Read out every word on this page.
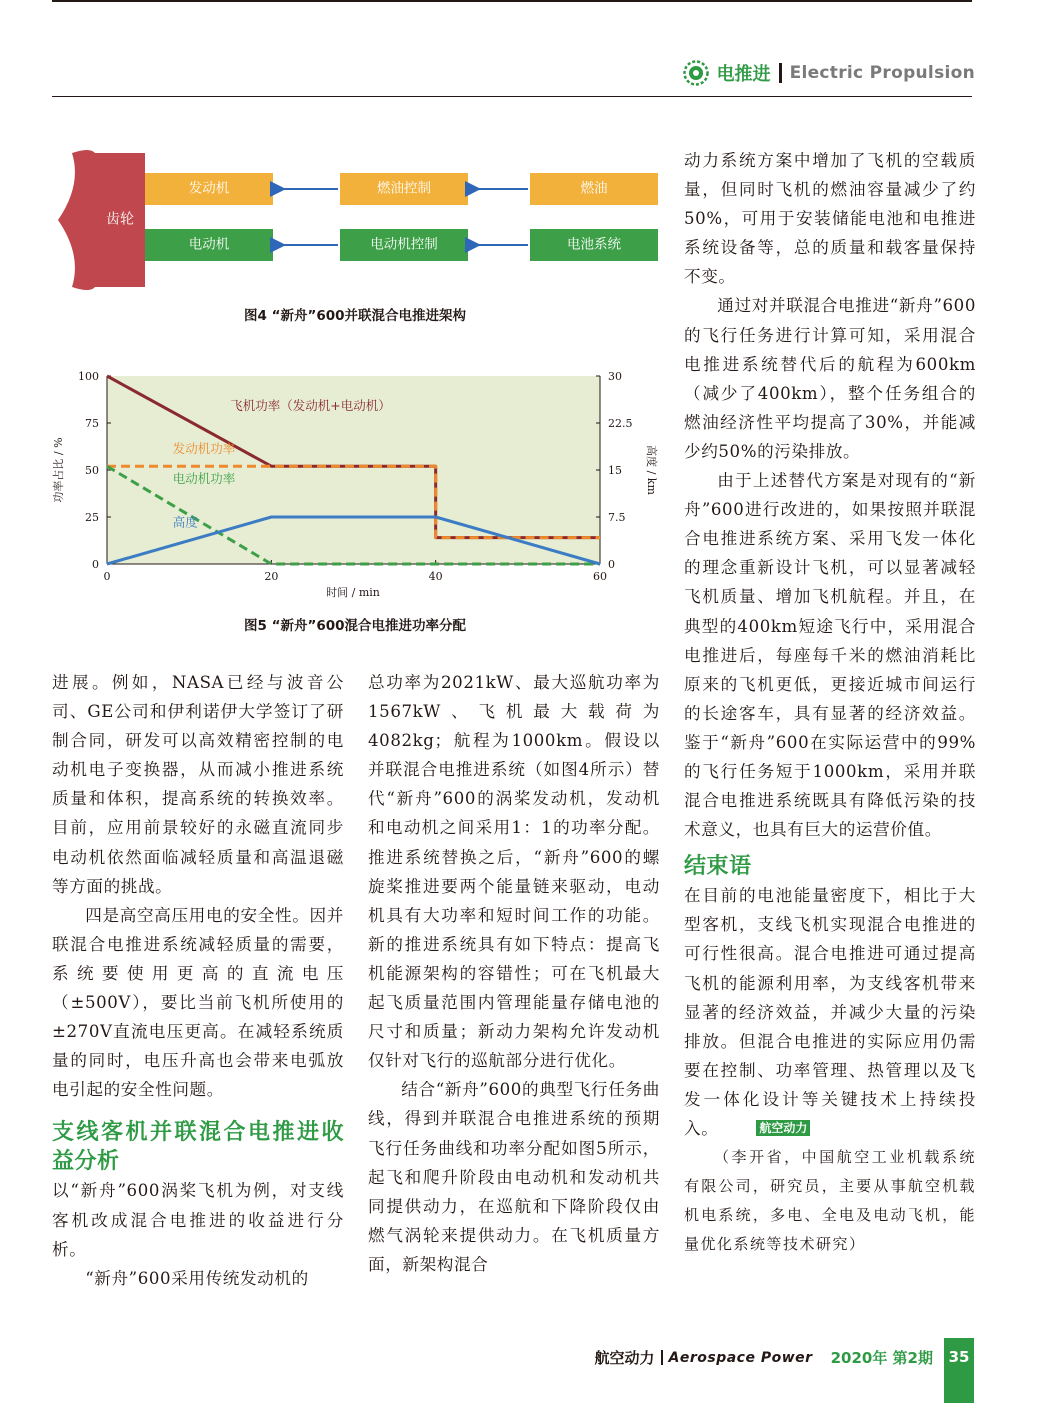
电推进 Electric Propulsion
齿轮
发动机	燃油控制	燃油
电动机	电动机控制	电池系统
图4 “新舟”600并联混合电推进架构
0
25
50
75
100
0
7.5
15
22.5
30
0	20	40	60
飞机功率（发动机+电动机）
发动机功率
电动机功率
高度
功率占比 / %	高度 / km
时间 / min
图5 “新舟”600混合电推进功率分配

进展。例如，NASA已经与波音公司、GE公司和伊利诺伊大学签订了研制合同，研发可以高效精密控制的电动机电子变换器，从而减小推进系统质量和体积，提高系统的转换效率。目前，应用前景较好的永磁直流同步电动机依然面临减轻质量和高温退磁等方面的挑战。

四是高空高压用电的安全性。因并联混合电推进系统减轻质量的需要，系统要使用更高的直流电压（±500V），要比当前飞机所使用的±270V直流电压更高。在减轻系统质量的同时，电压升高也会带来电弧放电引起的安全性问题。

支线客机并联混合电推进收益分析

以“新舟”600涡桨飞机为例，对支线客机改成混合电推进的收益进行分析。

“新舟”600采用传统发动机的

总功率为2021kW、最大巡航功率为1567kW、飞机最大载荷为4082kg；航程为1000km。假设以并联混合电推进系统（如图4所示）替代“新舟”600的涡桨发动机，发动机和电动机之间采用1：1的功率分配。推进系统替换之后，“新舟”600的螺旋桨推进要两个能量链来驱动，电动机具有大功率和短时间工作的功能。新的推进系统具有如下特点：提高飞机能源架构的容错性；可在飞机最大起飞质量范围内管理能量存储电池的尺寸和质量；新动力架构允许发动机仅针对飞行的巡航部分进行优化。

结合“新舟”600的典型飞行任务曲线，得到并联混合电推进系统的预期飞行任务曲线和功率分配如图5所示，起飞和爬升阶段由电动机和发动机共同提供动力，在巡航和下降阶段仅由燃气涡轮来提供动力。在飞机质量方面，新架构混合

动力系统方案中增加了飞机的空载质量，但同时飞机的燃油容量减少了约50%，可用于安装储能电池和电推进系统设备等，总的质量和载客量保持不变。

通过对并联混合电推进“新舟”600的飞行任务进行计算可知，采用混合电推进系统替代后的航程为600km（减少了400km），整个任务组合的燃油经济性平均提高了30%，并能减少约50%的污染排放。

由于上述替代方案是对现有的“新舟”600进行改进的，如果按照并联混合电推进系统方案、采用飞发一体化的理念重新设计飞机，可以显著减轻飞机质量、增加飞机航程。并且，在典型的400km短途飞行中，采用混合电推进后，每座每千米的燃油消耗比原来的飞机更低，更接近城市间运行的长途客车，具有显著的经济效益。鉴于“新舟”600在实际运营中的99%的飞行任务短于1000km，采用并联混合电推进系统既具有降低污染的技术意义，也具有巨大的运营价值。

结束语

在目前的电池能量密度下，相比于大型客机，支线飞机实现混合电推进的可行性很高。混合电推进可通过提高飞机的能源利用率，为支线客机带来显著的经济效益，并减少大量的污染排放。但混合电推进的实际应用仍需要在控制、功率管理、热管理以及飞发一体化设计等关键技术上持续投入。	航空动力

（李开省，中国航空工业机载系统有限公司，研究员，主要从事航空机载机电系统，多电、全电及电动飞机，能量优化系统等技术研究）

航空动力 Aerospace Power 2020年 第2期	35
